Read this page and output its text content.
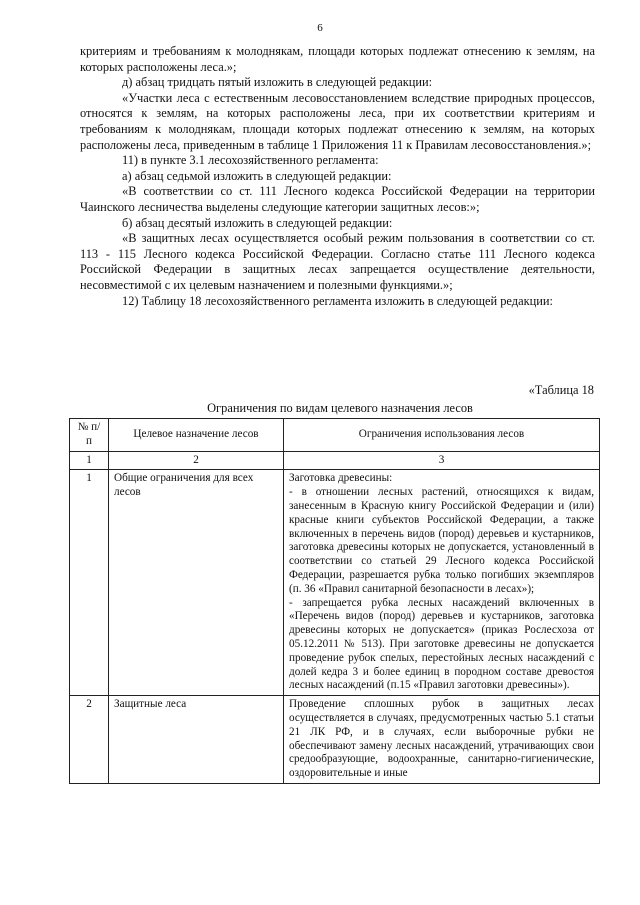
6

критериям и требованиям к молоднякам, площади которых подлежат отнесению к землям, на которых расположены леса.»;

д) абзац тридцать пятый изложить в следующей редакции:

«Участки леса с естественным лесовосстановлением вследствие природных процессов, относятся к землям, на которых расположены леса, при их соответствии критериям и требованиям к молоднякам, площади которых подлежат отнесению к землям, на которых расположены леса, приведенным в таблице 1 Приложения 11 к Правилам лесовосстановления.»;

11) в пункте 3.1 лесохозяйственного регламента:

а) абзац седьмой изложить в следующей редакции:

«В соответствии со ст. 111 Лесного кодекса Российской Федерации на территории Чаинского лесничества выделены следующие категории защитных лесов:»;

б) абзац десятый изложить в следующей редакции:

«В защитных лесах осуществляется особый режим пользования в соответствии со ст. 113 - 115 Лесного кодекса Российской Федерации. Согласно статье 111 Лесного кодекса Российской Федерации в защитных лесах запрещается осуществление деятельности, несовместимой с их целевым назначением и полезными функциями.»;

12) Таблицу 18 лесохозяйственного регламента изложить в следующей редакции:

«Таблица 18
Ограничения по видам целевого назначения лесов
№ п/п	Целевое назначение лесов	Ограничения использования лесов
1	2	3
1	Общие ограничения для всех лесов	Заготовка древесины:
- в отношении лесных растений, относящихся к видам, занесенным в Красную книгу Российской Федерации и (или) красные книги субъектов Российской Федерации, а также включенных в перечень видов (пород) деревьев и кустарников, заготовка древесины которых не допускается, установленный в соответствии со статьей 29 Лесного кодекса Российской Федерации, разрешается рубка только погибших экземпляров (п. 36 «Правил санитарной безопасности в лесах»);
- запрещается рубка лесных насаждений включенных в «Перечень видов (пород) деревьев и кустарников, заготовка древесины которых не допускается» (приказ Рослесхоза от 05.12.2011 № 513). При заготовке древесины не допускается проведение рубок спелых, перестойных лесных насаждений с долей кедра 3 и более единиц в породном составе древостоя лесных насаждений (п.15 «Правил заготовки древесины»).

2	Защитные леса	Проведение сплошных рубок в защитных лесах осуществляется в случаях, предусмотренных частью 5.1 статьи 21 ЛК РФ, и в случаях, если выборочные рубки не обеспечивают замену лесных насаждений, утрачивающих свои средообразующие, водоохранные, санитарно-гигиенические, оздоровительные и иные
